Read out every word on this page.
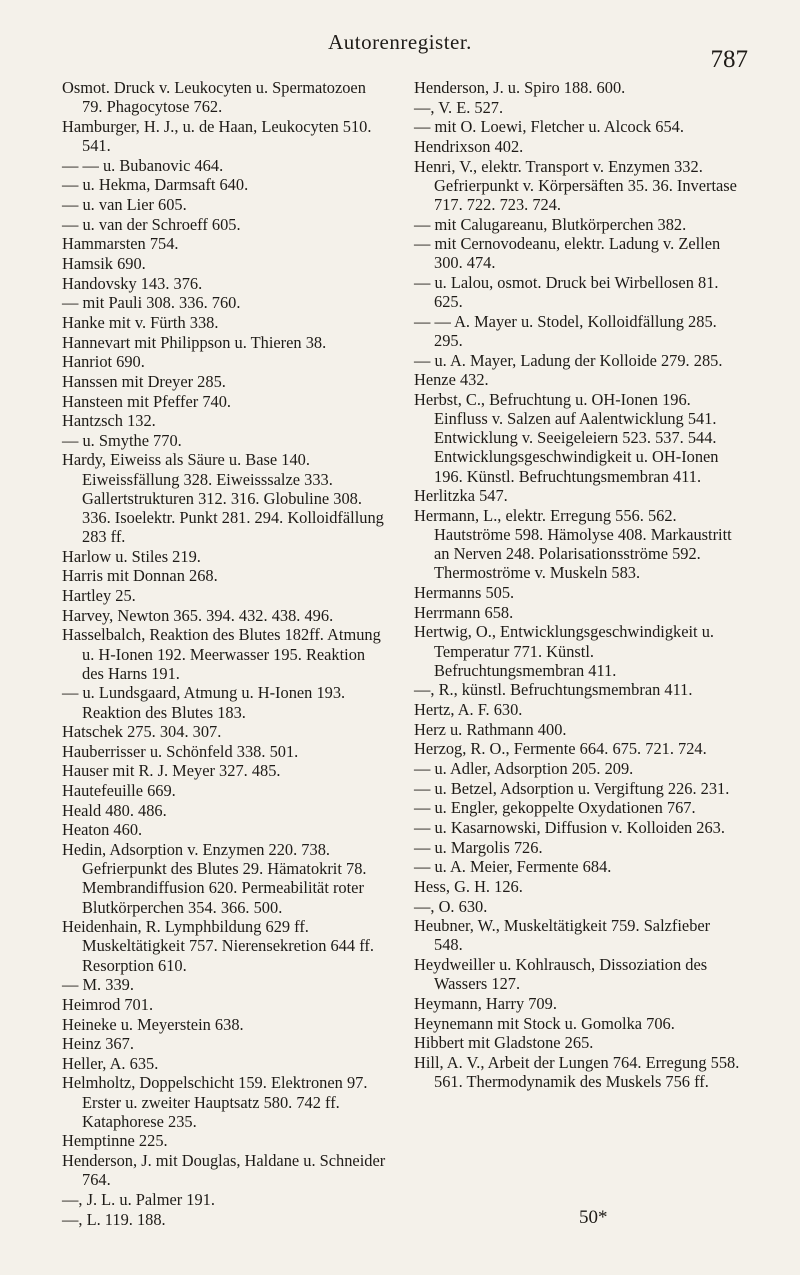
Autorenregister.
787

Osmot. Druck v. Leukocyten u. Spermatozoen 79. Phagocytose 762.

Hamburger, H. J., u. de Haan, Leukocyten 510. 541.

— — u. Bubanovic 464.

— u. Hekma, Darmsaft 640.

— u. van Lier 605.

— u. van der Schroeff 605.

Hammarsten 754.

Hamsik 690.

Handovsky 143. 376.

— mit Pauli 308. 336. 760.

Hanke mit v. Fürth 338.

Hannevart mit Philippson u. Thieren 38.

Hanriot 690.

Hanssen mit Dreyer 285.

Hansteen mit Pfeffer 740.

Hantzsch 132.

— u. Smythe 770.

Hardy, Eiweiss als Säure u. Base 140. Eiweissfällung 328. Eiweisssalze 333. Gallertstrukturen 312. 316. Globuline 308. 336. Isoelektr. Punkt 281. 294. Kolloidfällung 283 ff.

Harlow u. Stiles 219.

Harris mit Donnan 268.

Hartley 25.

Harvey, Newton 365. 394. 432. 438. 496.

Hasselbalch, Reaktion des Blutes 182ff. Atmung u. H-Ionen 192. Meerwasser 195. Reaktion des Harns 191.

— u. Lundsgaard, Atmung u. H-Ionen 193. Reaktion des Blutes 183.

Hatschek 275. 304. 307.

Hauberrisser u. Schönfeld 338. 501.

Hauser mit R. J. Meyer 327. 485.

Hautefeuille 669.

Heald 480. 486.

Heaton 460.

Hedin, Adsorption v. Enzymen 220. 738. Gefrierpunkt des Blutes 29. Hämatokrit 78. Membrandiffusion 620. Permeabilität roter Blutkörperchen 354. 366. 500.

Heidenhain, R. Lymphbildung 629 ff. Muskeltätigkeit 757. Nierensekretion 644 ff. Resorption 610.

— M. 339.

Heimrod 701.

Heineke u. Meyerstein 638.

Heinz 367.

Heller, A. 635.

Helmholtz, Doppelschicht 159. Elektronen 97. Erster u. zweiter Hauptsatz 580. 742 ff. Kataphorese 235.

Hemptinne 225.

Henderson, J. mit Douglas, Haldane u. Schneider 764.

—, J. L. u. Palmer 191.

—, L. 119. 188.

Henderson, J. u. Spiro 188. 600.

—, V. E. 527.

— mit O. Loewi, Fletcher u. Alcock 654.

Hendrixson 402.

Henri, V., elektr. Transport v. Enzymen 332. Gefrierpunkt v. Körpersäften 35. 36. Invertase 717. 722. 723. 724.

— mit Calugareanu, Blutkörperchen 382.

— mit Cernovodeanu, elektr. Ladung v. Zellen 300. 474.

— u. Lalou, osmot. Druck bei Wirbellosen 81. 625.

— — A. Mayer u. Stodel, Kolloidfällung 285. 295.

— u. A. Mayer, Ladung der Kolloide 279. 285.

Henze 432.

Herbst, C., Befruchtung u. OH-Ionen 196. Einfluss v. Salzen auf Aalentwicklung 541. Entwicklung v. Seeigeleiern 523. 537. 544. Entwicklungsgeschwindigkeit u. OH-Ionen 196. Künstl. Befruchtungsmembran 411.

Herlitzka 547.

Hermann, L., elektr. Erregung 556. 562. Hautströme 598. Hämolyse 408. Markaustritt an Nerven 248. Polarisationsströme 592. Thermoströme v. Muskeln 583.

Hermanns 505.

Herrmann 658.

Hertwig, O., Entwicklungsgeschwindigkeit u. Temperatur 771. Künstl. Befruchtungsmembran 411.

—, R., künstl. Befruchtungsmembran 411.

Hertz, A. F. 630.

Herz u. Rathmann 400.

Herzog, R. O., Fermente 664. 675. 721. 724.

— u. Adler, Adsorption 205. 209.

— u. Betzel, Adsorption u. Vergiftung 226. 231.

— u. Engler, gekoppelte Oxydationen 767.

— u. Kasarnowski, Diffusion v. Kolloiden 263.

— u. Margolis 726.

— u. A. Meier, Fermente 684.

Hess, G. H. 126.

—, O. 630.

Heubner, W., Muskeltätigkeit 759. Salzfieber 548.

Heydweiller u. Kohlrausch, Dissoziation des Wassers 127.

Heymann, Harry 709.

Heynemann mit Stock u. Gomolka 706.

Hibbert mit Gladstone 265.

Hill, A. V., Arbeit der Lungen 764. Erregung 558. 561. Thermodynamik des Muskels 756 ff.

50*
